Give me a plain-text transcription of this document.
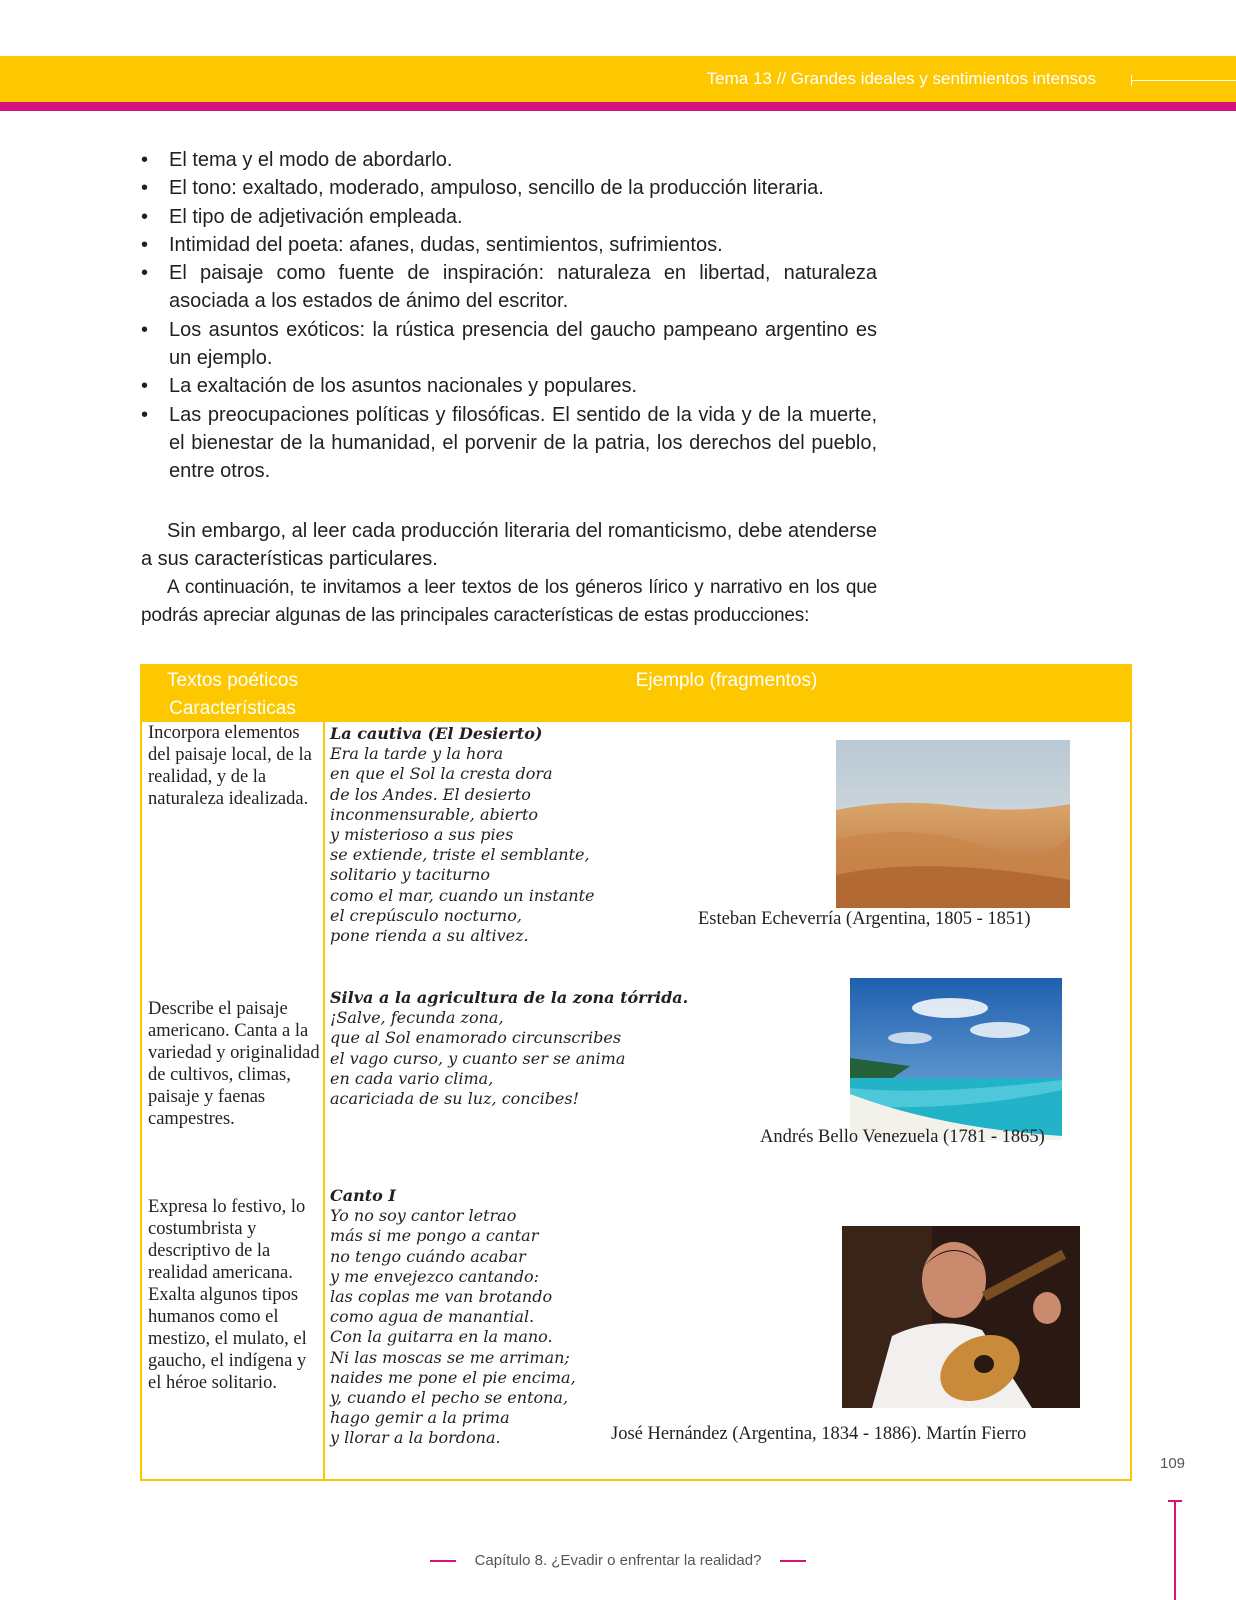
Tema 13 // Grandes ideales y sentimientos intensos
• El tema y el modo de abordarlo.
• El tono: exaltado, moderado, ampuloso, sencillo de la producción literaria.
• El tipo de adjetivación empleada.
• Intimidad del poeta: afanes, dudas, sentimientos, sufrimientos.
• El paisaje como fuente de inspiración: naturaleza en libertad, naturaleza asociada a los estados de ánimo del escritor.
• Los asuntos exóticos: la rústica presencia del gaucho pampeano argentino es un ejemplo.
• La exaltación de los asuntos nacionales y populares.
• Las preocupaciones políticas y filosóficas. El sentido de la vida y de la muerte, el bienestar de la humanidad, el porvenir de la patria, los derechos del pueblo, entre otros.

Sin embargo, al leer cada producción literaria del romanticismo, debe atenderse a sus características particulares.

A continuación, te invitamos a leer textos de los géneros lírico y narrativo en los que podrás apreciar algunas de las principales características de estas producciones:

Textos poéticos
Características
Ejemplo (fragmentos)

Incorpora elementos del paisaje local, de la realidad, y de la naturaleza idealizada.

La cautiva (El Desierto)
Era la tarde y la hora
en que el Sol la cresta dora
de los Andes. El desierto
inconmensurable, abierto
y misterioso a sus pies
se extiende, triste el semblante,
solitario y taciturno
como el mar, cuando un instante
el crepúsculo nocturno,
pone rienda a su altivez.
Esteban Echeverría (Argentina, 1805 - 1851)

Describe el paisaje americano. Canta a la variedad y originalidad de cultivos, climas, paisaje y faenas campestres.

Silva a la agricultura de la zona tórrida.
¡Salve, fecunda zona,
que al Sol enamorado circunscribes
el vago curso, y cuanto ser se anima
en cada vario clima,
acariciada de su luz, concibes!
Andrés Bello Venezuela (1781 - 1865)

Expresa lo festivo, lo costumbrista y descriptivo de la realidad americana. Exalta algunos tipos humanos como el mestizo, el mulato, el gaucho, el indígena y el héroe solitario.

Canto I
Yo no soy cantor letrao
más si me pongo a cantar
no tengo cuándo acabar
y me envejezco cantando:
las coplas me van brotando
como agua de manantial.
Con la guitarra en la mano.
Ni las moscas se me arriman;
naides me pone el pie encima,
y, cuando el pecho se entona,
hago gemir a la prima
y llorar a la bordona.	José Hernández (Argentina, 1834 - 1886). Martín Fierro
109
Capítulo 8. ¿Evadir o enfrentar la realidad?
